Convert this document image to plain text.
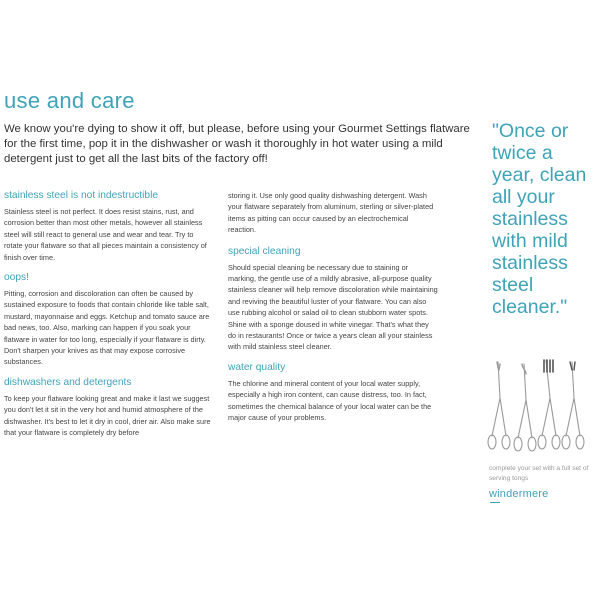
use and care
We know you're dying to show it off, but please, before using your Gourmet Settings flatware for the first time, pop it in the dishwasher or wash it thoroughly in hot water using a mild detergent just to get all the last bits of the factory off!
stainless steel is not indestructible
Stainless steel is not perfect. It does resist stains, rust, and corrosion better than most other metals, however all stainless steel will still react to general use and wear and tear. Try to rotate your flatware so that all pieces maintain a consistency of finish over time.
oops!
Pitting, corrosion and discoloration can often be caused by sustained exposure to foods that contain chloride like table salt, mustard, mayonnaise and eggs. Ketchup and tomato sauce are bad news, too. Also, marking can happen if you soak your flatware in water for too long, especially if your flatware is dirty. Don't sharpen your knives as that may expose corrosive substances.
dishwashers and detergents
To keep your flatware looking great and make it last we suggest you don't let it sit in the very hot and humid atmosphere of the dishwasher. It's best to let it dry in cool, drier air. Also make sure that your flatware is completely dry before
storing it. Use only good quality dishwashing detergent. Wash your flatware separately from aluminum, sterling or silver-plated items as pitting can occur caused by an electrochemical reaction.
special cleaning
Should special cleaning be necessary due to staining or marking, the gentle use of a mildly abrasive, all-purpose quality stainless cleaner will help remove discoloration while maintaining and reviving the beautiful luster of your flatware. You can also use rubbing alcohol or salad oil to clean stubborn water spots. Shine with a sponge doused in white vinegar. That's what they do in restaurants! Once or twice a years clean all your stainless with mild stainless steel cleaner.
water quality
The chlorine and mineral content of your local water supply, especially a high iron content, can cause distress, too. In fact, sometimes the chemical balance of your local water can be the major cause of your problems.
"Once or twice a year, clean all your stainless with mild stainless steel cleaner."
complete your set with a full set of serving tongs
windermere
